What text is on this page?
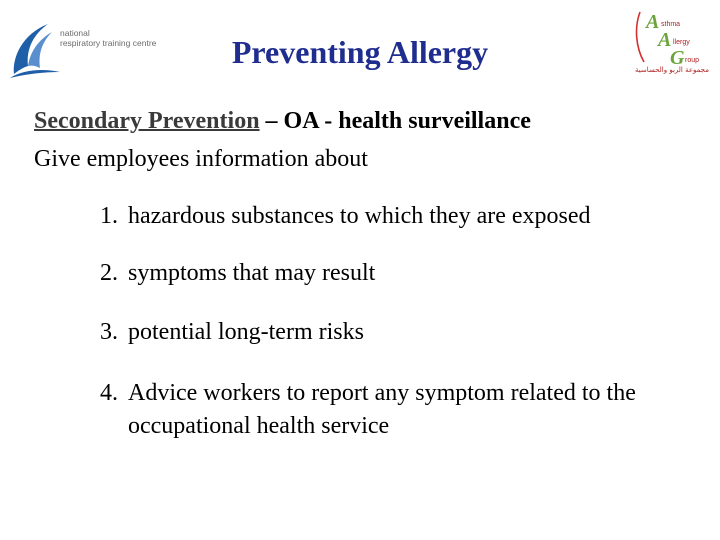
national
respiratory training centre
A
A
G
sthma
llergy
roup
مجموعة الربو والحساسية
Preventing Allergy
Secondary Prevention – OA - health surveillance
Give employees information about
1. hazardous substances to which they are exposed
2. symptoms that may result
3. potential long-term risks
4. Advice workers to report any symptom related to the occupational health service
